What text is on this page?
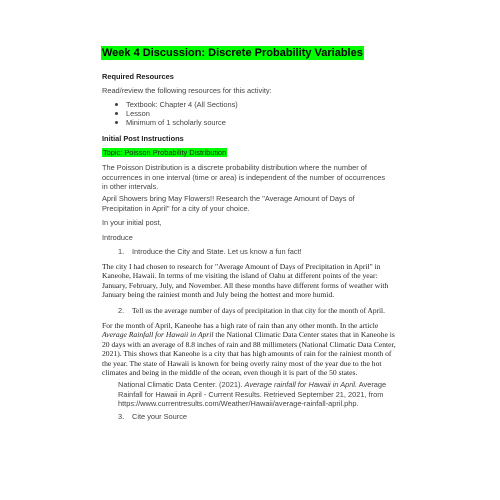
Week 4 Discussion: Discrete Probability Variables
Required Resources
Read/review the following resources for this activity:
Textbook: Chapter 4 (All Sections)
Lesson
Minimum of 1 scholarly source
Initial Post Instructions
Topic: Poisson Probability Distribution
The Poisson Distribution is a discrete probability distribution where the number of
occurrences in one interval (time or area) is independent of the number of occurrences
in other intervals.
April Showers bring May Flowers!! Research the "Average Amount of Days of
Precipitation in April" for a city of your choice.
In your initial post,
Introduce
1. Introduce the City and State. Let us know a fun fact!
The city I had chosen to research for "Average Amount of Days of Precipitation in April" in
Kaneohe, Hawaii. In terms of me visiting the island of Oahu at different points of the year:
January, February, July, and November. All these months have different forms of weather with
January being the rainiest month and July being the hottest and more humid.
2. Tell us the average number of days of precipitation in that city for the month of April.
For the month of April, Kaneohe has a high rate of rain than any other month. In the article
Average Rainfall for Hawaii in April the National Climatic Data Center states that in Kaneohe is
20 days with an average of 8.8 inches of rain and 88 millimeters (National Climatic Data Center,
2021). This shows that Kaneohe is a city that has high amounts of rain for the rainiest month of
the year. The state of Hawaii is known for being overly rainy most of the year due to the hot
climates and being in the middle of the ocean, even though it is part of the 50 states.
National Climatic Data Center. (2021). Average rainfall for Hawaii in April. Average
Rainfall for Hawaii in April - Current Results. Retrieved September 21, 2021, from
https://www.currentresults.com/Weather/Hawaii/average-rainfall-april.php.
3. Cite your Source
